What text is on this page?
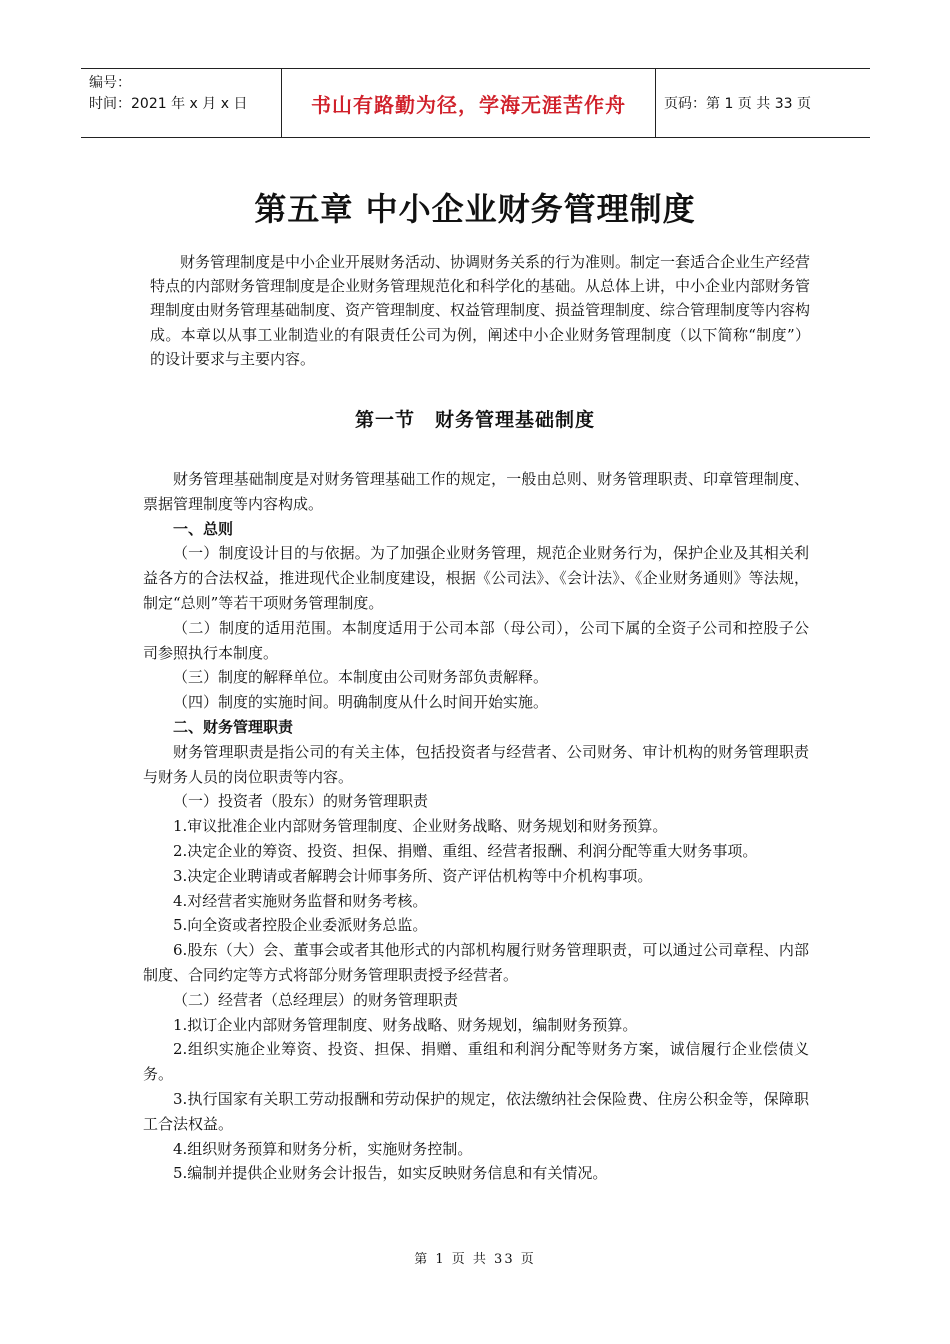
编号：
时间：2021 年 x 月 x 日	书山有路勤为径，学海无涯苦作舟	页码：第 1 页 共 33 页
第五章 中小企业财务管理制度
财务管理制度是中小企业开展财务活动、协调财务关系的行为准则。制定一套适合企业生产经营特点的内部财务管理制度是企业财务管理规范化和科学化的基础。从总体上讲，中小企业内部财务管理制度由财务管理基础制度、资产管理制度、权益管理制度、损益管理制度、综合管理制度等内容构成。本章以从事工业制造业的有限责任公司为例，阐述中小企业财务管理制度（以下简称“制度”）的设计要求与主要内容。
第一节　财务管理基础制度

财务管理基础制度是对财务管理基础工作的规定，一般由总则、财务管理职责、印章管理制度、票据管理制度等内容构成。

一、总则

（一）制度设计目的与依据。为了加强企业财务管理，规范企业财务行为，保护企业及其相关利益各方的合法权益，推进现代企业制度建设，根据《公司法》、《会计法》、《企业财务通则》等法规，制定“总则”等若干项财务管理制度。

（二）制度的适用范围。本制度适用于公司本部（母公司），公司下属的全资子公司和控股子公司参照执行本制度。

（三）制度的解释单位。本制度由公司财务部负责解释。

（四）制度的实施时间。明确制度从什么时间开始实施。

二、财务管理职责

财务管理职责是指公司的有关主体，包括投资者与经营者、公司财务、审计机构的财务管理职责与财务人员的岗位职责等内容。

（一）投资者（股东）的财务管理职责

1.审议批准企业内部财务管理制度、企业财务战略、财务规划和财务预算。

2.决定企业的筹资、投资、担保、捐赠、重组、经营者报酬、利润分配等重大财务事项。

3.决定企业聘请或者解聘会计师事务所、资产评估机构等中介机构事项。

4.对经营者实施财务监督和财务考核。

5.向全资或者控股企业委派财务总监。

6.股东（大）会、董事会或者其他形式的内部机构履行财务管理职责，可以通过公司章程、内部制度、合同约定等方式将部分财务管理职责授予经营者。

（二）经营者（总经理层）的财务管理职责

1.拟订企业内部财务管理制度、财务战略、财务规划，编制财务预算。

2.组织实施企业筹资、投资、担保、捐赠、重组和利润分配等财务方案，诚信履行企业偿债义务。

3.执行国家有关职工劳动报酬和劳动保护的规定，依法缴纳社会保险费、住房公积金等，保障职工合法权益。

4.组织财务预算和财务分析，实施财务控制。

5.编制并提供企业财务会计报告，如实反映财务信息和有关情况。

第 1 页 共 33 页
